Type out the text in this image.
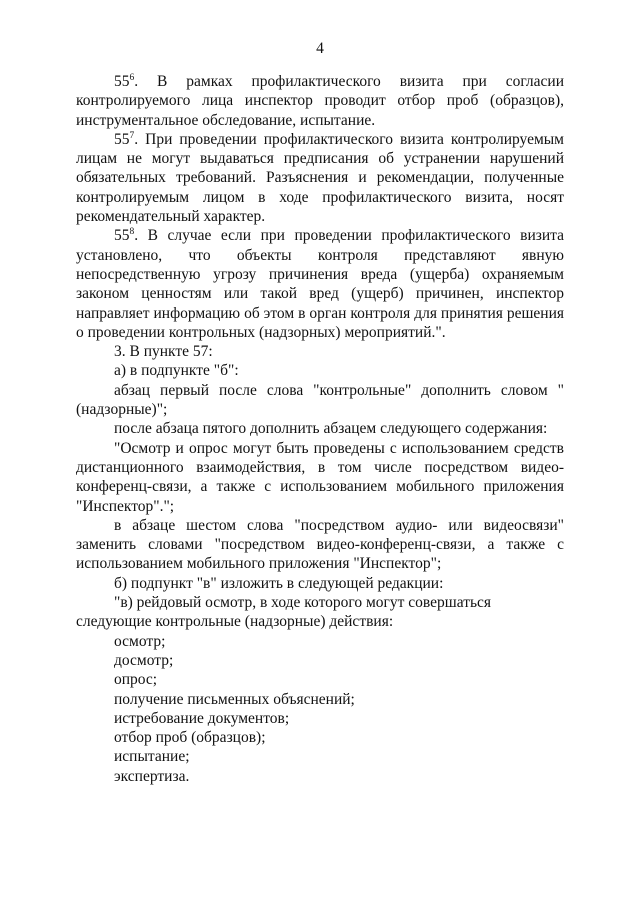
4

$55^6$. В рамках профилактического визита при согласии контролируемого лица инспектор проводит отбор проб (образцов), инструментальное обследование, испытание.

$55^7$. При проведении профилактического визита контролируемым лицам не могут выдаваться предписания об устранении нарушений обязательных требований. Разъяснения и рекомендации, полученные контролируемым лицом в ходе профилактического визита, носят рекомендательный характер.

$55^8$. В случае если при проведении профилактического визита установлено, что объекты контроля представляют явную непосредственную угрозу причинения вреда (ущерба) охраняемым законом ценностям или такой вред (ущерб) причинен, инспектор направляет информацию об этом в орган контроля для принятия решения о проведении контрольных (надзорных) мероприятий.".

3. В пункте 57:

а) в подпункте "б":

абзац первый после слова "контрольные" дополнить словом "(надзорные)";

после абзаца пятого дополнить абзацем следующего содержания:

"Осмотр и опрос могут быть проведены с использованием средств дистанционного взаимодействия, в том числе посредством видео-конференц-связи, а также с использованием мобильного приложения "Инспектор".";

в абзаце шестом слова "посредством аудио- или видеосвязи" заменить словами "посредством видео-конференц-связи, а также с использованием мобильного приложения "Инспектор";

б) подпункт "в" изложить в следующей редакции:

"в) рейдовый осмотр, в ходе которого могут совершаться следующие контрольные (надзорные) действия:

осмотр;

досмотр;

опрос;

получение письменных объяснений;

истребование документов;

отбор проб (образцов);

испытание;

экспертиза.
